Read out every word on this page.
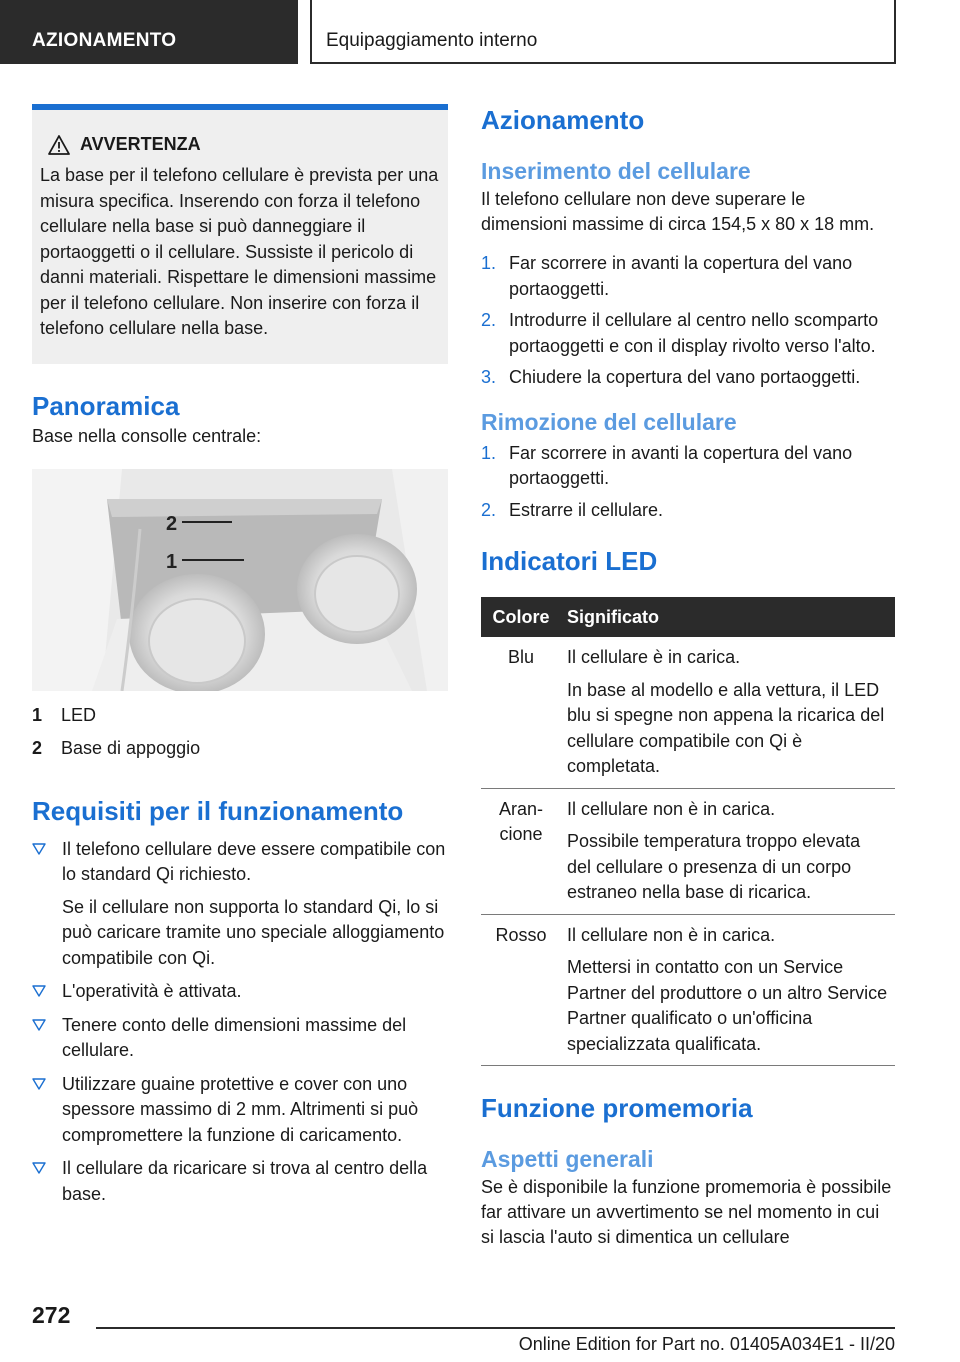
AZIONAMENTO	Equipaggiamento interno
AVVERTENZA

La base per il telefono cellulare è prevista per una misura specifica. Inserendo con forza il telefono cellulare nella base si può danneggiare il portaoggetti o il cellulare. Sussiste il pericolo di danni materiali. Rispettare le dimensioni massime per il telefono cellulare. Non inserire con forza il telefono cellulare nella base.

Panoramica

Base nella consolle centrale:

2
1
1	LED
2	Base di appoggio
Requisiti per il funzionamento
Il telefono cellulare deve essere compatibile con lo standard Qi richiesto.
Se il cellulare non supporta lo standard Qi, lo si può caricare tramite uno speciale alloggiamento compatibile con Qi.
L'operatività è attivata.
Tenere conto delle dimensioni massime del cellulare.
Utilizzare guaine protettive e cover con uno spessore massimo di 2 mm. Altrimenti si può compromettere la funzione di caricamento.
Il cellulare da ricaricare si trova al centro della base.
Azionamento
Inserimento del cellulare

Il telefono cellulare non deve superare le dimensioni massime di circa 154,5 x 80 x 18 mm.

1. Far scorrere in avanti la copertura del vano portaoggetti.
2. Introdurre il cellulare al centro nello scomparto portaoggetti e con il display rivolto verso l'alto.
3. Chiudere la copertura del vano portaoggetti.
Rimozione del cellulare
1. Far scorrere in avanti la copertura del vano portaoggetti.
2. Estrarre il cellulare.
Indicatori LED
Colore	Significato
Blu	Il cellulare è in carica.

In base al modello e alla vettura, il LED blu si spegne non appena la ricarica del cellulare compatibile con Qi è completata.

Aran-cione	Il cellulare non è in carica.

Possibile temperatura troppo elevata del cellulare o presenza di un corpo estraneo nella base di ricarica.

Rosso	Il cellulare non è in carica.

Mettersi in contatto con un Service Partner del produttore o un altro Service Partner qualificato o un'officina specializzata qualificata.

Funzione promemoria
Aspetti generali

Se è disponibile la funzione promemoria è possibile far attivare un avvertimento se nel momento in cui si lascia l'auto si dimentica un cellulare

272
Online Edition for Part no. 01405A034E1 - II/20
